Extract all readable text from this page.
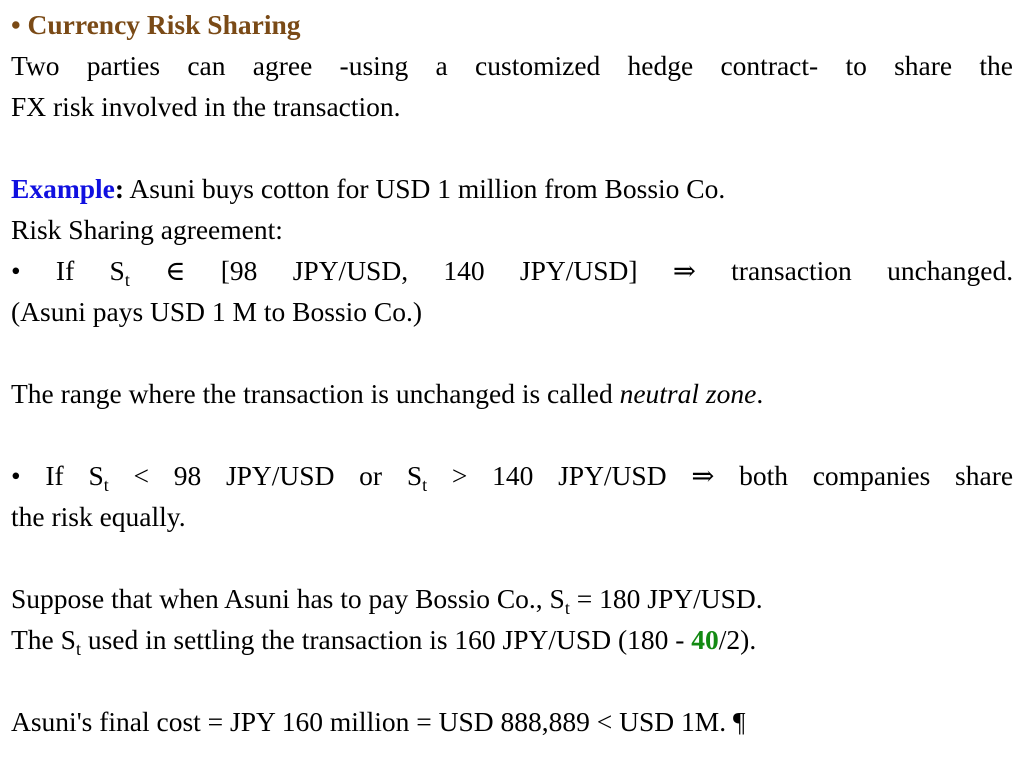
• Currency Risk Sharing
Two parties can agree -using a customized hedge contract- to share the
FX risk involved in the transaction.
Example: Asuni buys cotton for USD 1 million from Bossio Co.
Risk Sharing agreement:
• If $S_t$ ∈ [98 JPY/USD, 140 JPY/USD] ⇒ transaction unchanged.
(Asuni pays USD 1 M to Bossio Co.)
The range where the transaction is unchanged is called neutral zone.
• If $S_t < 98$ JPY/USD or $S_t > 140$ JPY/USD ⇒ both companies share
the risk equally.
Suppose that when Asuni has to pay Bossio Co., $S_t = 180$ JPY/USD.
The $S_t$ used in settling the transaction is 160 JPY/USD (180 - 40/2).
Asuni's final cost = JPY 160 million = USD 888,889 < USD 1M. ¶
